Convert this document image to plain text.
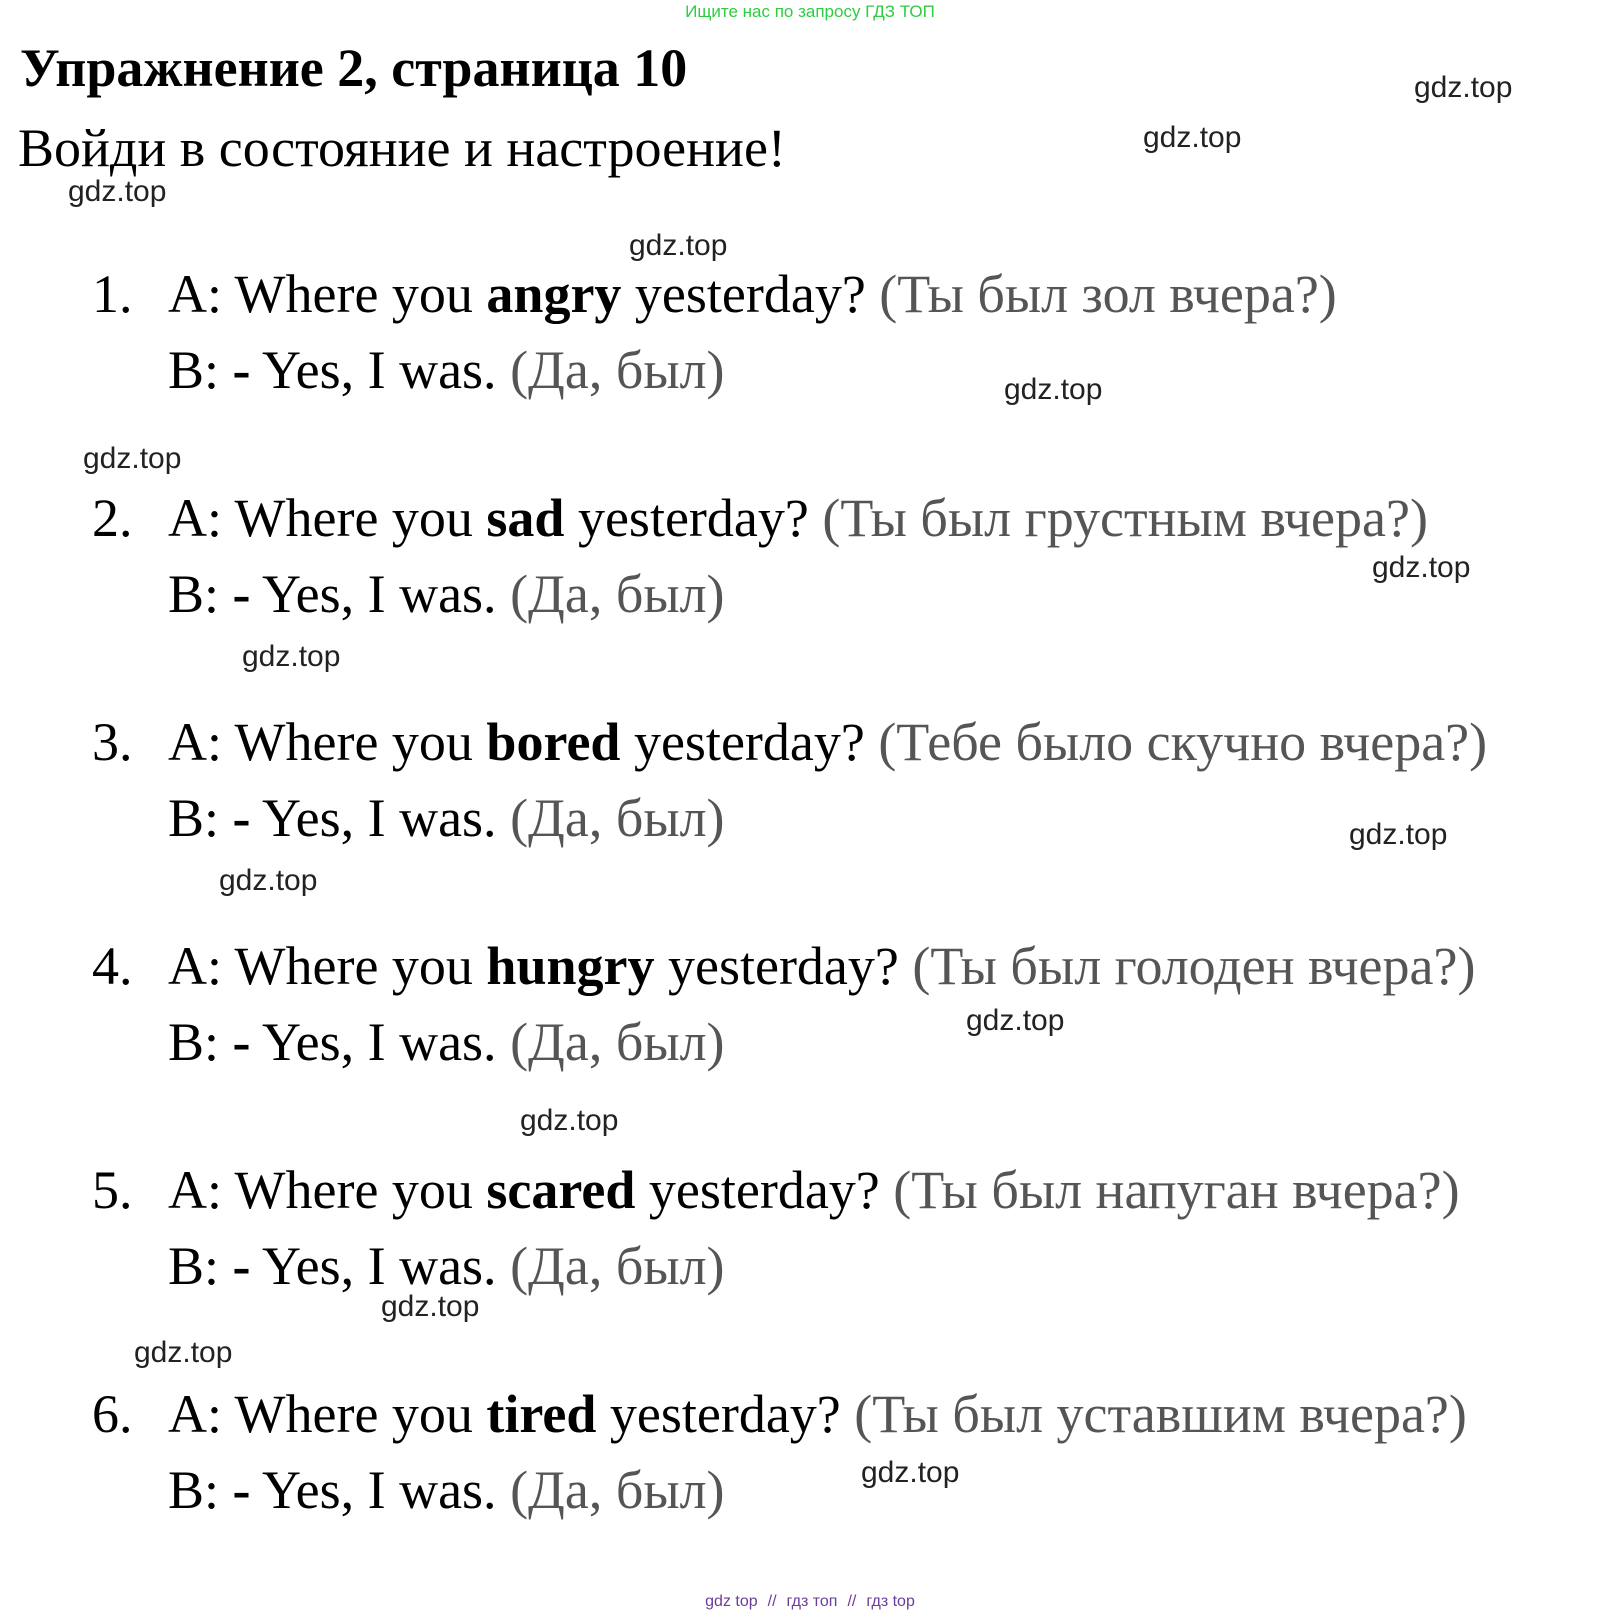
Ищите нас по запросу ГДЗ ТОП
Упражнение 2, страница 10
Войди в состояние и настроение!
gdz.top
gdz.top
gdz.top
gdz.top
gdz.top
gdz.top
gdz.top
gdz.top
gdz.top
gdz.top
gdz.top
gdz.top
gdz.top
gdz.top
gdz.top
1. A: Where you angry yesterday? (Ты был зол вчера?)
B: - Yes, I was. (Да, был)
2. A: Where you sad yesterday? (Ты был грустным вчера?)
B: - Yes, I was. (Да, был)
3. A: Where you bored yesterday? (Тебе было скучно вчера?)
B: - Yes, I was. (Да, был)
4. A: Where you hungry yesterday? (Ты был голоден вчера?)
B: - Yes, I was. (Да, был)
5. A: Where you scared yesterday? (Ты был напуган вчера?)
B: - Yes, I was. (Да, был)
6. A: Where you tired yesterday? (Ты был уставшим вчера?)
B: - Yes, I was. (Да, был)
gdz top // гдз топ // гдз top
